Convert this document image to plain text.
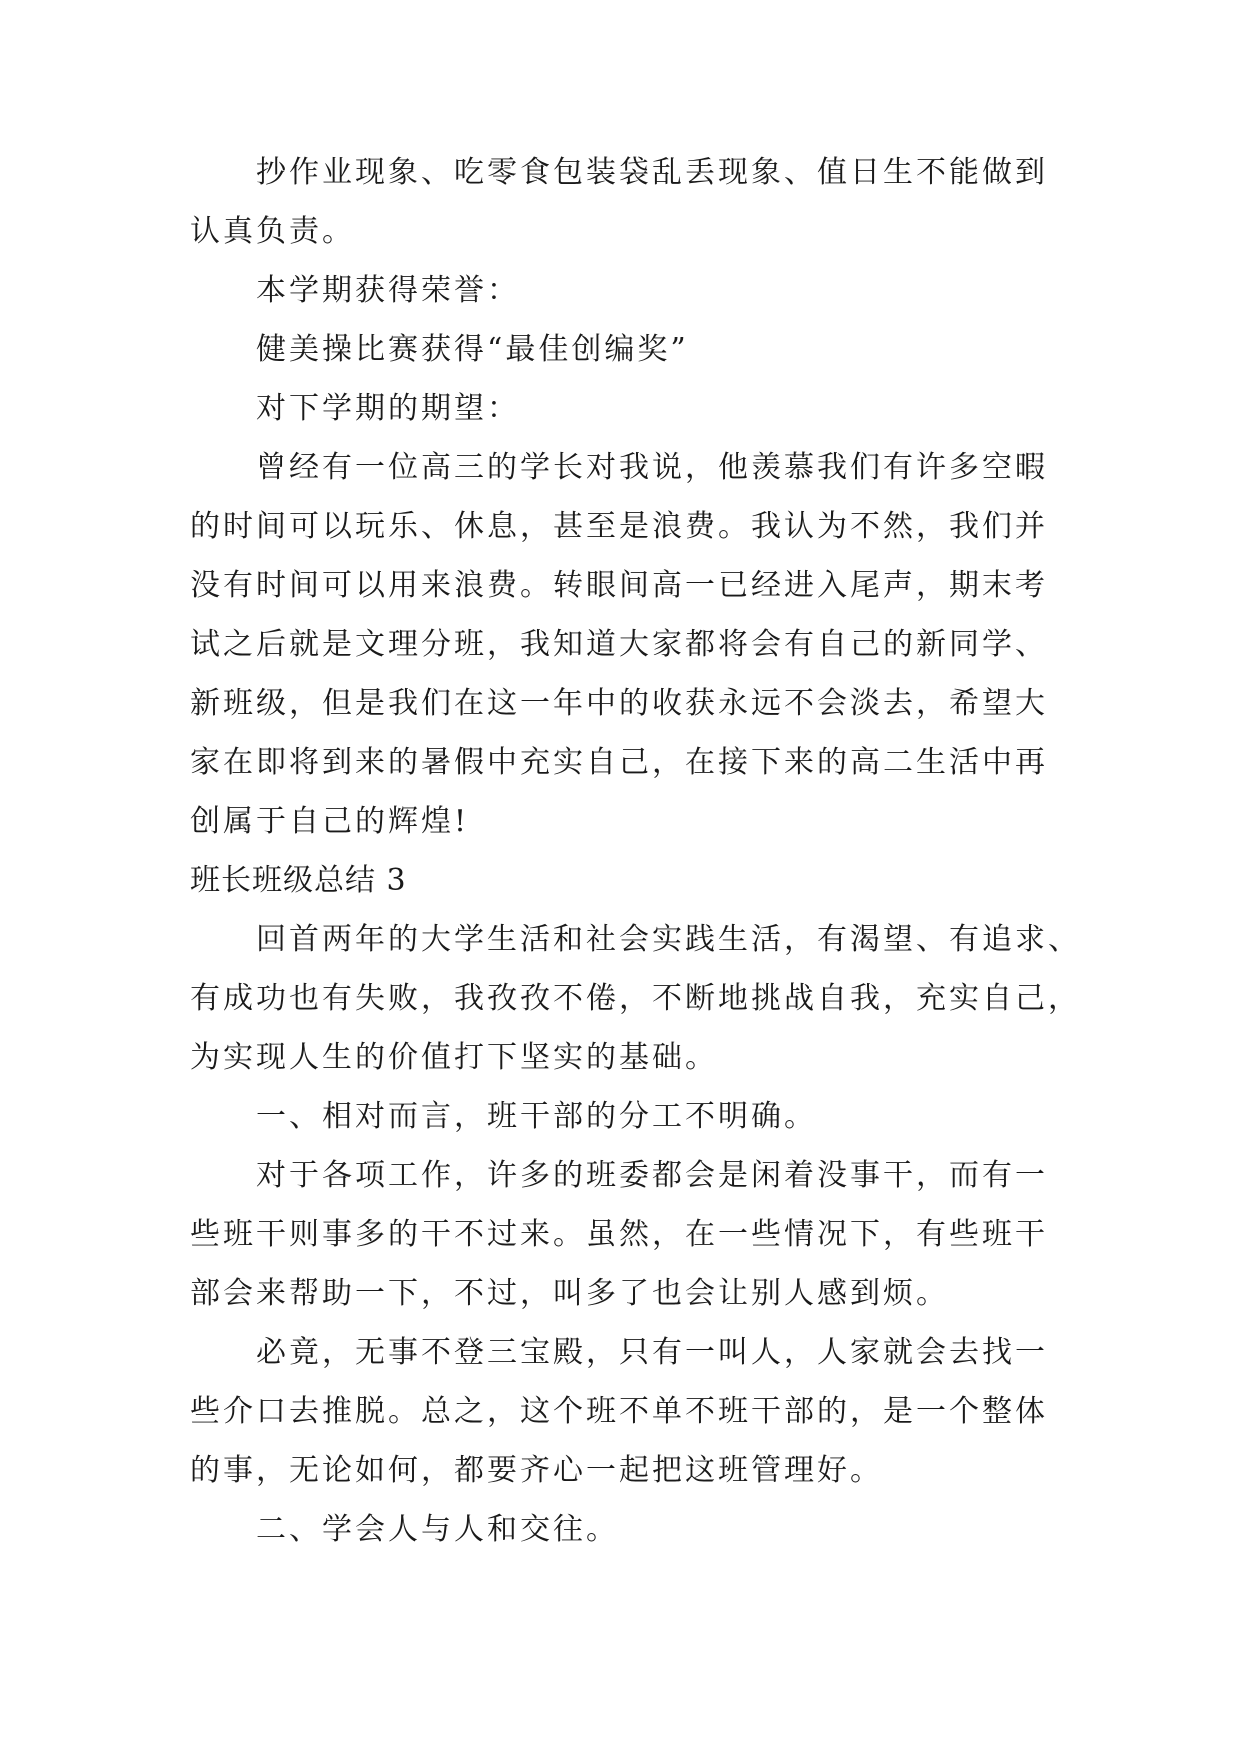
抄作业现象、吃零食包装袋乱丢现象、值日生不能做到
认真负责。
本学期获得荣誉：
健美操比赛获得“最佳创编奖”
对下学期的期望：
曾经有一位高三的学长对我说，他羡慕我们有许多空暇
的时间可以玩乐、休息，甚至是浪费。我认为不然，我们并
没有时间可以用来浪费。转眼间高一已经进入尾声，期末考
试之后就是文理分班，我知道大家都将会有自己的新同学、
新班级，但是我们在这一年中的收获永远不会淡去，希望大
家在即将到来的暑假中充实自己，在接下来的高二生活中再
创属于自己的辉煌!
班长班级总结 3
回首两年的大学生活和社会实践生活，有渴望、有追求、
有成功也有失败，我孜孜不倦，不断地挑战自我，充实自己，
为实现人生的价值打下坚实的基础。
一、相对而言，班干部的分工不明确。
对于各项工作，许多的班委都会是闲着没事干，而有一
些班干则事多的干不过来。虽然，在一些情况下，有些班干
部会来帮助一下，不过，叫多了也会让别人感到烦。
必竟，无事不登三宝殿，只有一叫人，人家就会去找一
些介口去推脱。总之，这个班不单不班干部的，是一个整体
的事，无论如何，都要齐心一起把这班管理好。
二、学会人与人和交往。
